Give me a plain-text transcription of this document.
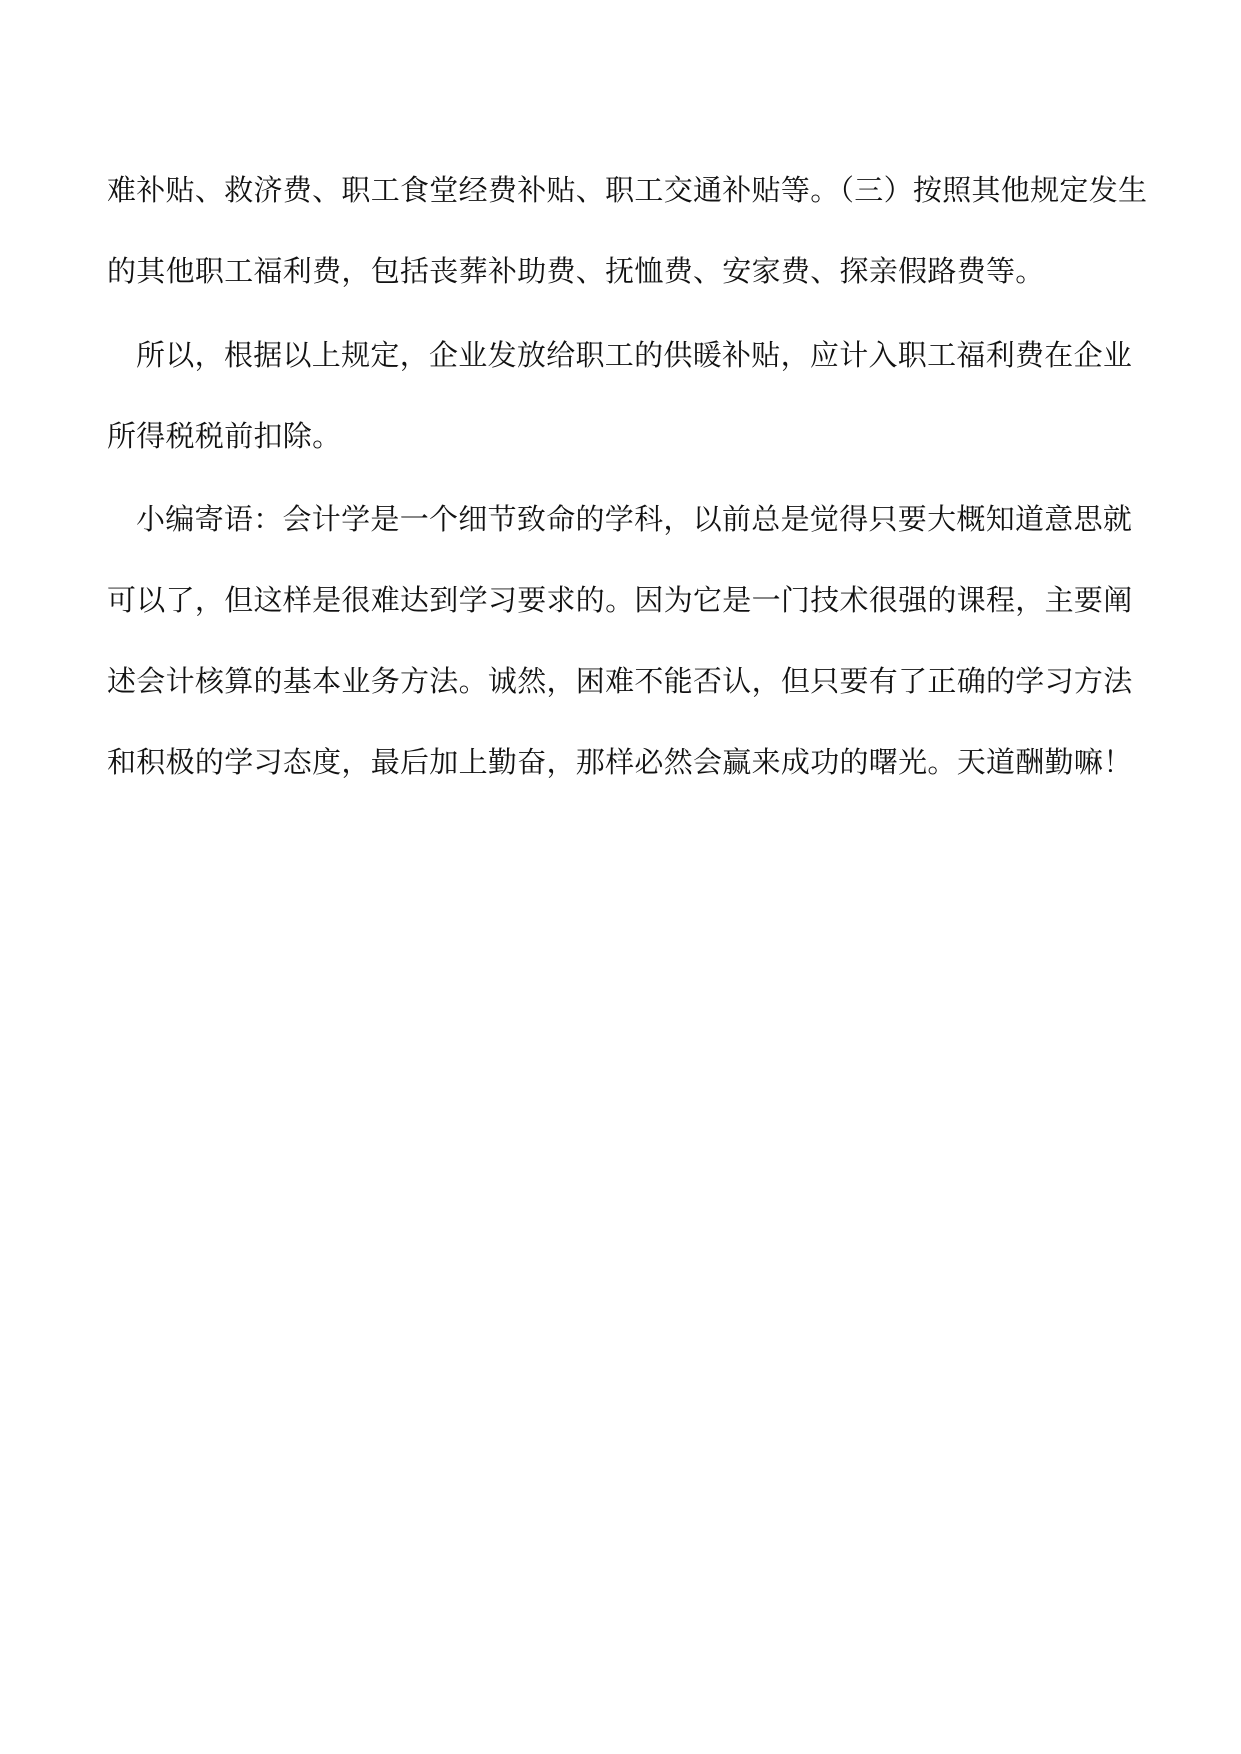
难补贴、救济费、职工食堂经费补贴、职工交通补贴等。（三）按照其他规定发生
的其他职工福利费，包括丧葬补助费、抚恤费、安家费、探亲假路费等。
所以，根据以上规定，企业发放给职工的供暖补贴，应计入职工福利费在企业
所得税税前扣除。
小编寄语：会计学是一个细节致命的学科，以前总是觉得只要大概知道意思就
可以了，但这样是很难达到学习要求的。因为它是一门技术很强的课程，主要阐
述会计核算的基本业务方法。诚然，困难不能否认，但只要有了正确的学习方法
和积极的学习态度，最后加上勤奋，那样必然会赢来成功的曙光。天道酬勤嘛！
